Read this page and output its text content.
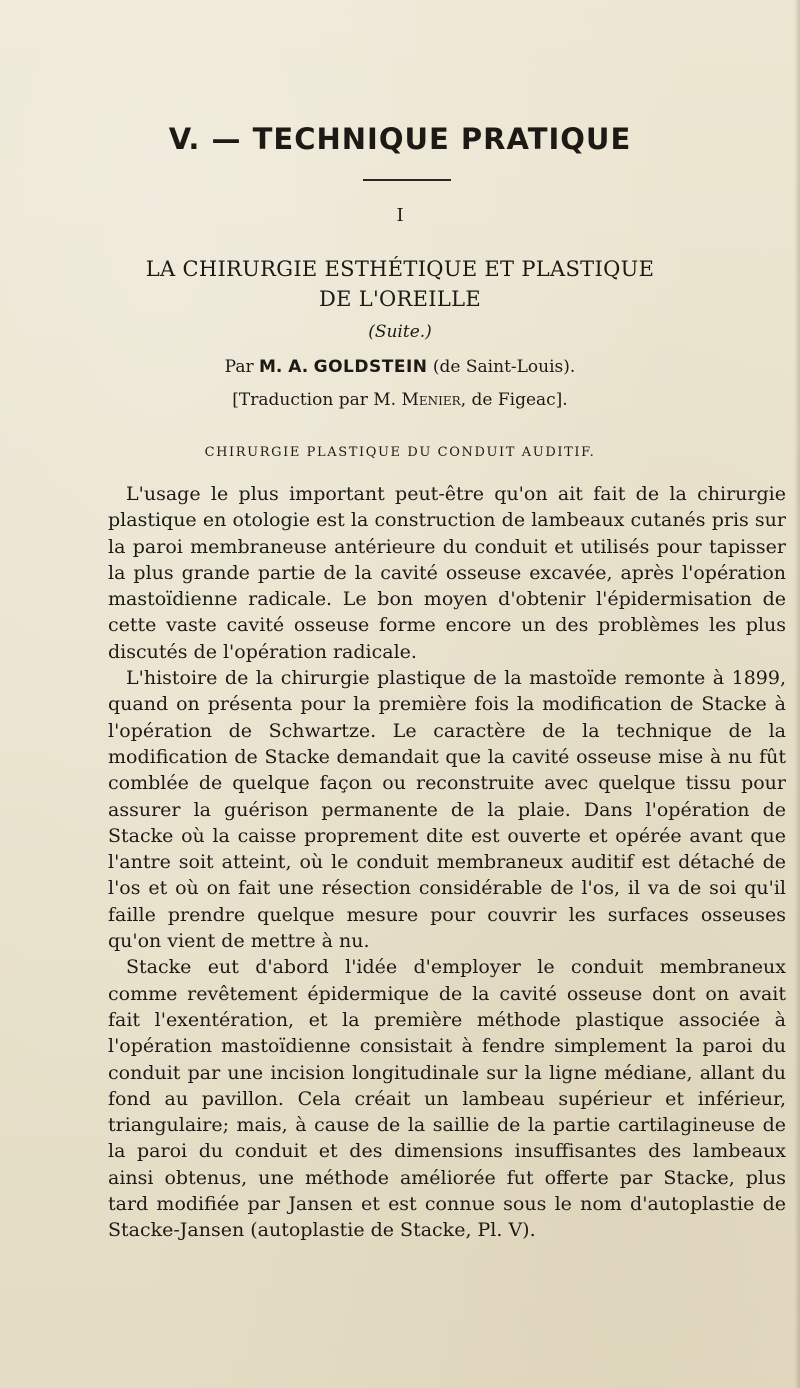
V. — TECHNIQUE PRATIQUE
I
LA CHIRURGIE ESTHÉTIQUE ET PLASTIQUE
DE L'OREILLE
(Suite.)
Par M. A. GOLDSTEIN (de Saint-Louis).
[Traduction par M. Menier, de Figeac].
CHIRURGIE PLASTIQUE DU CONDUIT AUDITIF.

L'usage le plus important peut-être qu'on ait fait de la chirurgie plastique en otologie est la construction de lambeaux cutanés pris sur la paroi membraneuse antérieure du conduit et utilisés pour tapisser la plus grande partie de la cavité osseuse excavée, après l'opération mastoïdienne radicale. Le bon moyen d'obtenir l'épidermisation de cette vaste cavité osseuse forme encore un des problèmes les plus discutés de l'opération radicale.

L'histoire de la chirurgie plastique de la mastoïde remonte à 1899, quand on présenta pour la première fois la modification de Stacke à l'opération de Schwartze. Le caractère de la technique de la modification de Stacke demandait que la cavité osseuse mise à nu fût comblée de quelque façon ou reconstruite avec quelque tissu pour assurer la guérison permanente de la plaie. Dans l'opération de Stacke où la caisse proprement dite est ouverte et opérée avant que l'antre soit atteint, où le conduit membraneux auditif est détaché de l'os et où on fait une résection considérable de l'os, il va de soi qu'il faille prendre quelque mesure pour couvrir les surfaces osseuses qu'on vient de mettre à nu.

Stacke eut d'abord l'idée d'employer le conduit membraneux comme revêtement épidermique de la cavité osseuse dont on avait fait l'exentération, et la première méthode plastique associée à l'opération mastoïdienne consistait à fendre simplement la paroi du conduit par une incision longitudinale sur la ligne médiane, allant du fond au pavillon. Cela créait un lambeau supérieur et inférieur, triangulaire; mais, à cause de la saillie de la partie cartilagineuse de la paroi du conduit et des dimensions insuffisantes des lambeaux ainsi obtenus, une méthode améliorée fut offerte par Stacke, plus tard modifiée par Jansen et est connue sous le nom d'autoplastie de Stacke-Jansen (autoplastie de Stacke, Pl. V).
